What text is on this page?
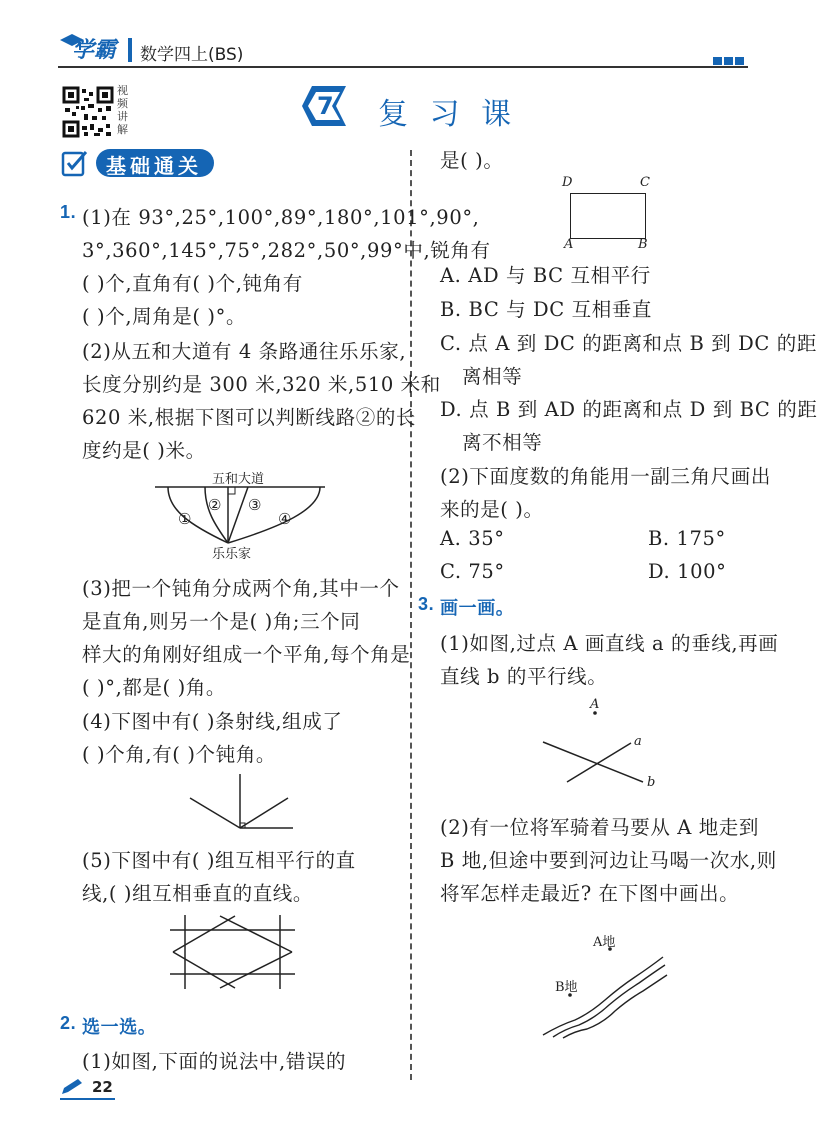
学霸 数学四上(BS)
视频讲解
7 复 习 课
基础通关
1. (1)在 93°,25°,100°,89°,180°,101°,90°,
3°,360°,145°,75°,282°,50°,99°中,锐角有
( )个,直角有( )个,钝角有
( )个,周角是( )°。
(2)从五和大道有 4 条路通往乐乐家,
长度分别约是 300 米,320 米,510 米和
620 米,根据下图可以判断线路②的长
度约是( )米。
五和大道
①
② ③
④
乐乐家
(3)把一个钝角分成两个角,其中一个
是直角,则另一个是( )角;三个同
样大的角刚好组成一个平角,每个角是
( )°,都是( )角。
(4)下图中有( )条射线,组成了
( )个角,有( )个钝角。
(5)下图中有( )组互相平行的直
线,( )组互相垂直的直线。
2. 选一选。
(1)如图,下面的说法中,错误的
22
是( )。
D	C
A	B
A. AD 与 BC 互相平行
B. BC 与 DC 互相垂直
C. 点 A 到 DC 的距离和点 B 到 DC 的距
离相等
D. 点 B 到 AD 的距离和点 D 到 BC 的距
离不相等
(2)下面度数的角能用一副三角尺画出
来的是( )。
A. 35°	B. 175°
C. 75°	D. 100°
3. 画一画。
(1)如图,过点 A 画直线 a 的垂线,再画
直线 b 的平行线。
A
a
b
(2)有一位将军骑着马要从 A 地走到
B 地,但途中要到河边让马喝一次水,则
将军怎样走最近? 在下图中画出。
A地
B地
